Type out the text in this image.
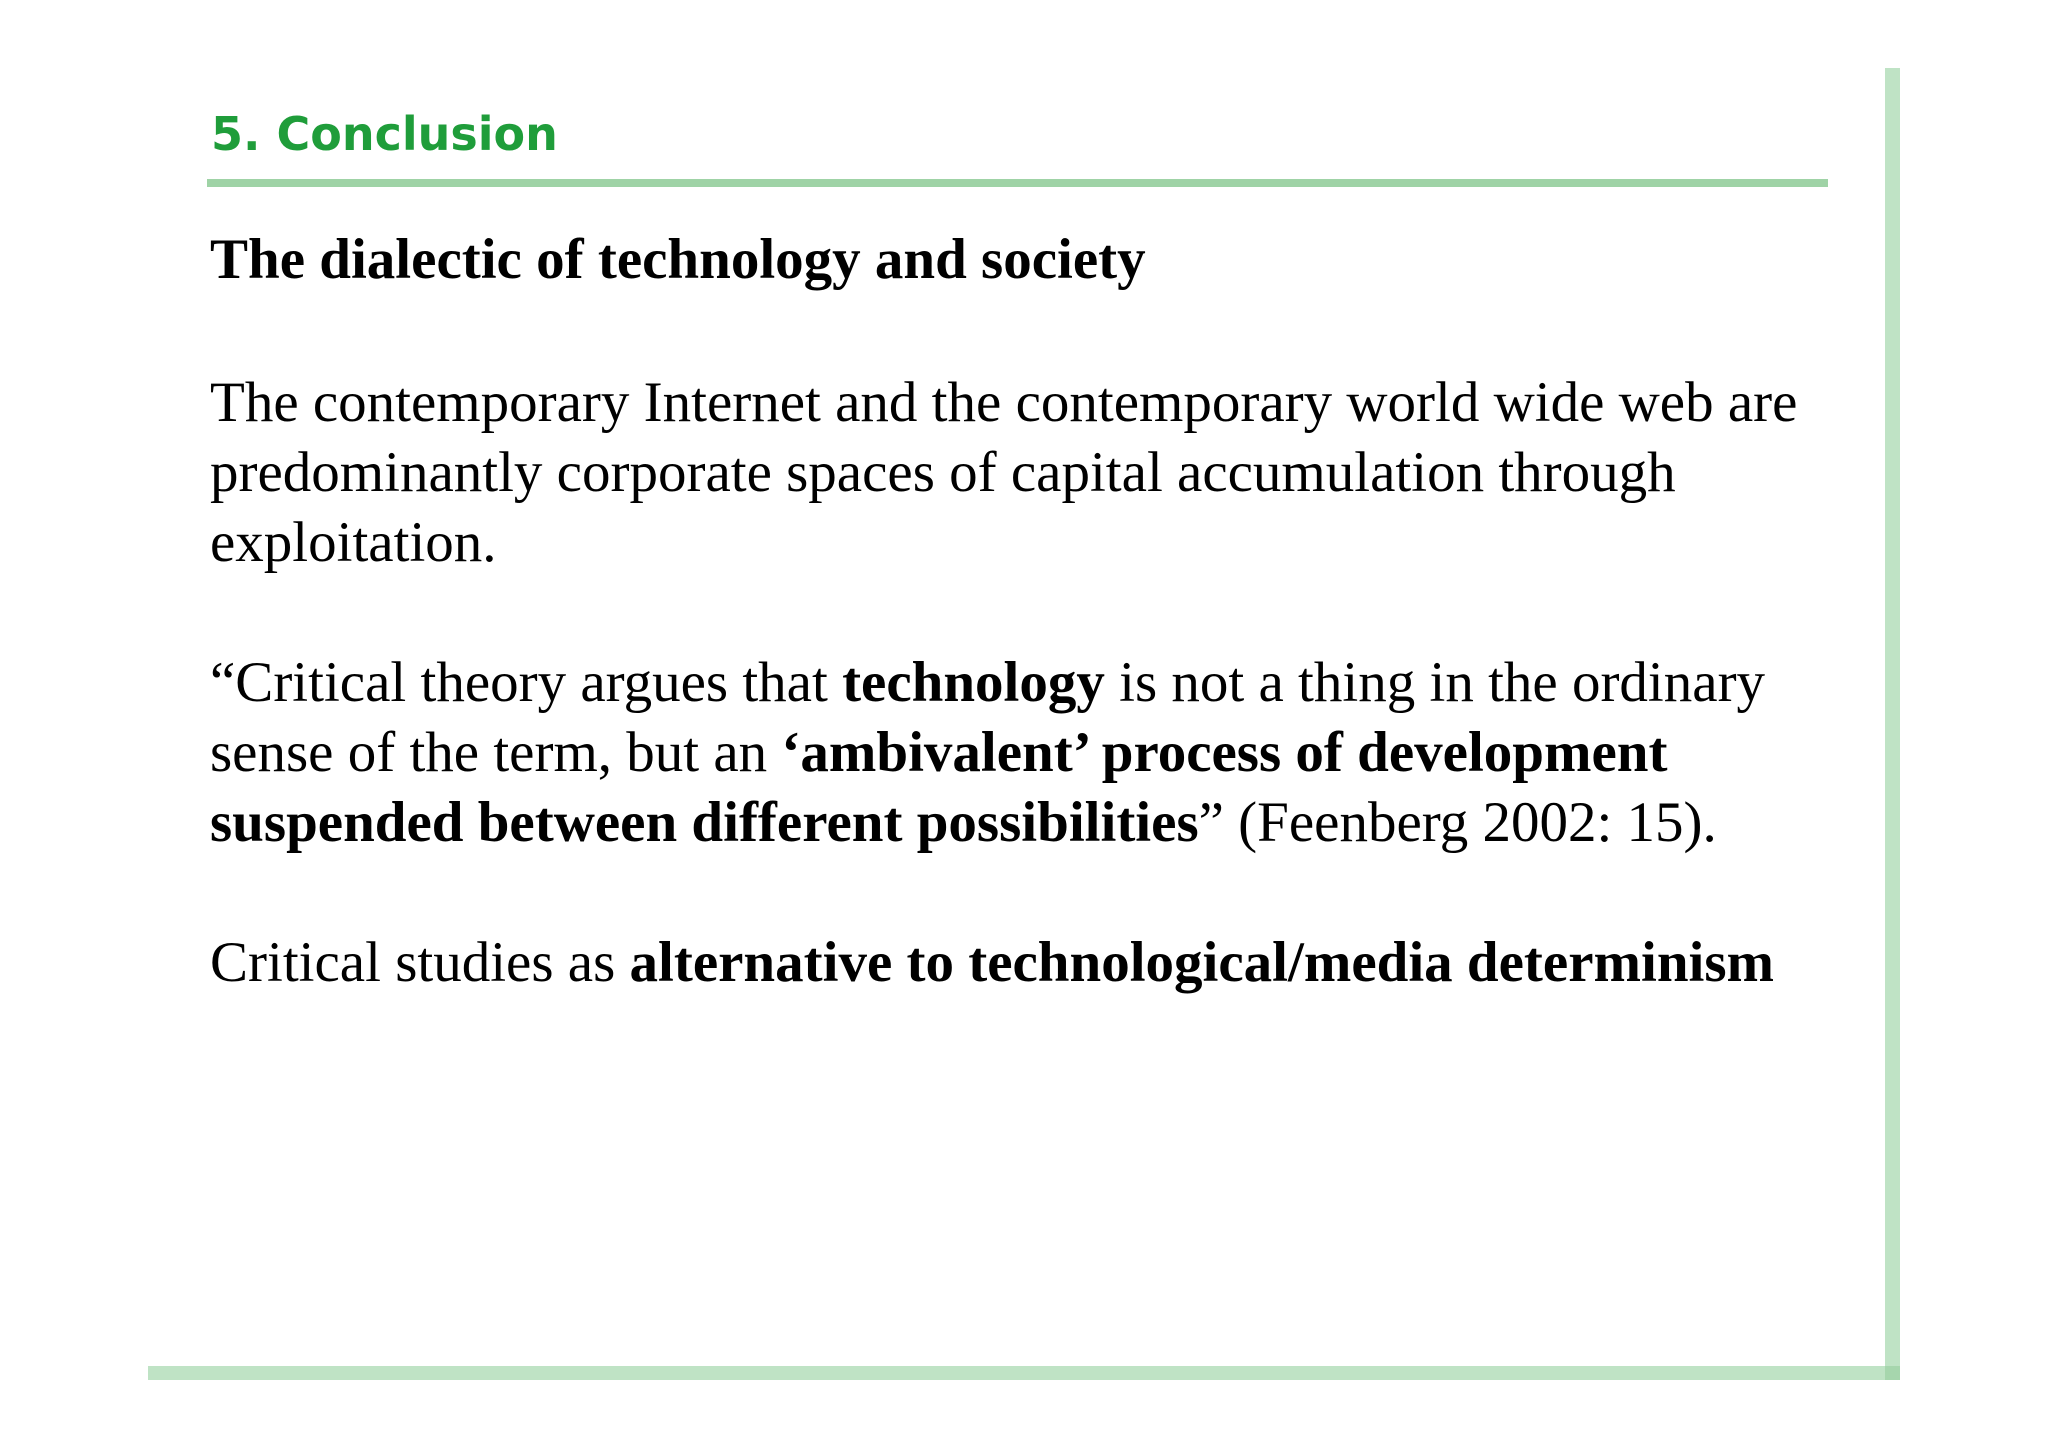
5. Conclusion

The dialectic of technology and society

The contemporary Internet and the contemporary world wide web are predominantly corporate spaces of capital accumulation through exploitation.

“Critical theory argues that technology is not a thing in the ordinary sense of the term, but an ‘ambivalent’ process of development suspended between different possibilities” (Feenberg 2002: 15).

Critical studies as alternative to technological/media determinism
